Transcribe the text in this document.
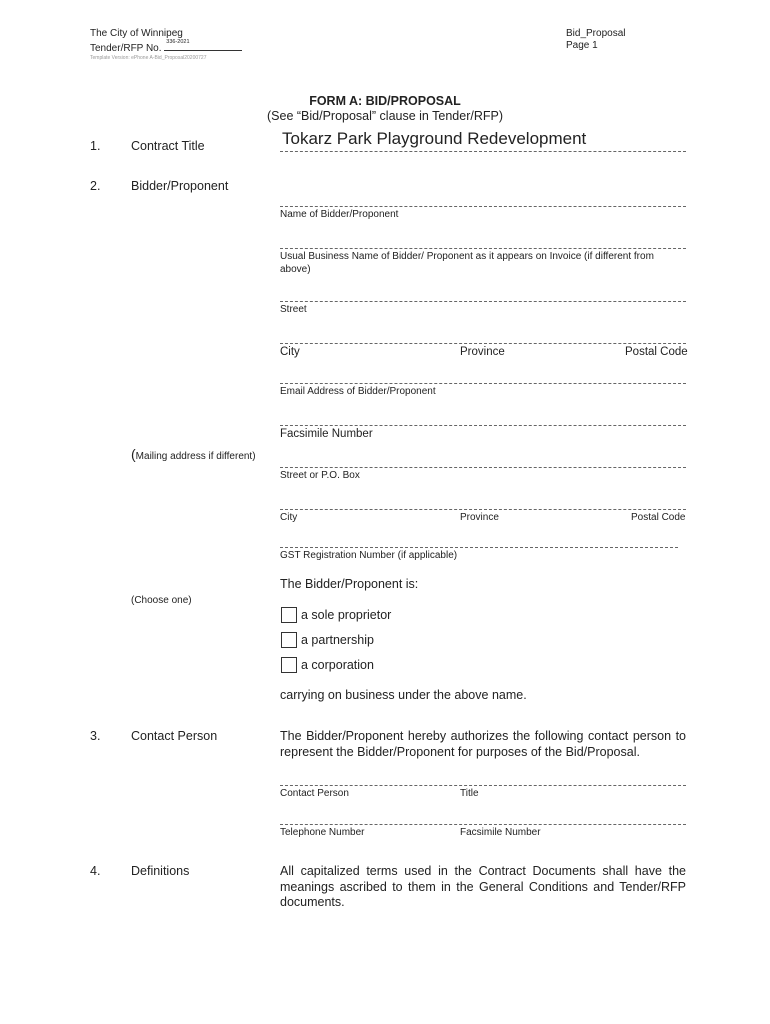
The City of Winnipeg
Tender/RFP No.
336-2021
Template Version: ePhone A-Bid_Proposal20200727
Bid_Proposal
Page 1
FORM A: BID/PROPOSAL
(See “Bid/Proposal” clause in Tender/RFP)
1. Contract Title	Tokarz Park Playground Redevelopment
2. Bidder/Proponent
Name of Bidder/Proponent
Usual Business Name of Bidder/ Proponent as it appears on Invoice (if different from
above)
Street
City	Province	Postal Code
Email Address of Bidder/Proponent
Facsimile Number
(Mailing address if different)
Street or P.O. Box
City	Province	Postal Code
GST Registration Number (if applicable)
The Bidder/Proponent is:
(Choose one)
a sole proprietor
a partnership
a corporation
carrying on business under the above name.
3. Contact Person	The Bidder/Proponent hereby authorizes the following contact person to represent the Bidder/Proponent for purposes of the Bid/Proposal.
Contact Person	Title
Telephone Number	Facsimile Number
4. Definitions	All capitalized terms used in the Contract Documents shall have the meanings ascribed to them in the General Conditions and Tender/RFP documents.
